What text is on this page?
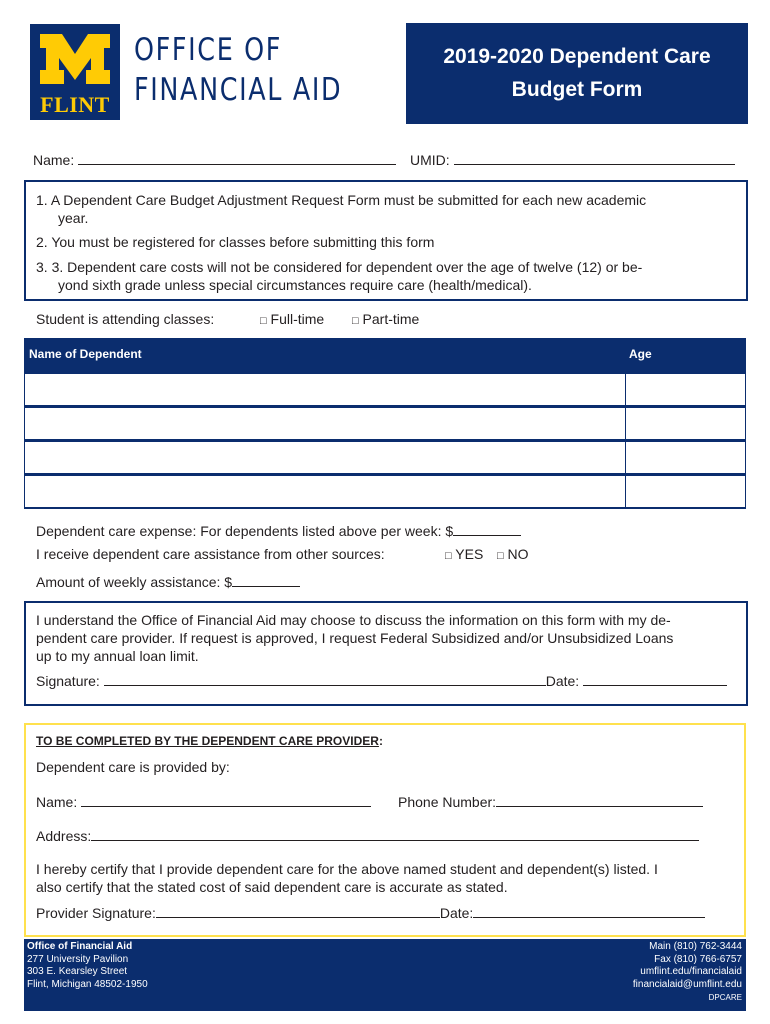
FLINT
OFFICE OF
FINANCIAL AID
2019-2020 Dependent Care
Budget Form
Name:	UMID:
1. A Dependent Care Budget Adjustment Request Form must be submitted for each new academic
year.
2. You must be registered for classes before submitting this form
3. 3. Dependent care costs will not be considered for dependent over the age of twelve (12) or be-
yond sixth grade unless special circumstances require care (health/medical).
Student is attending classes:	□ Full-time	□ Part-time
Name of Dependent	Age
Dependent care expense: For dependents listed above per week: $
I receive dependent care assistance from other sources:	□ YES □ NO
Amount of weekly assistance: $
I understand the Office of Financial Aid may choose to discuss the information on this form with my de-
pendent care provider. If request is approved, I request Federal Subsidized and/or Unsubsidized Loans
up to my annual loan limit.
Signature:	Date:
TO BE COMPLETED BY THE DEPENDENT CARE PROVIDER:
Dependent care is provided by:
Name:	Phone Number:
Address:
I hereby certify that I provide dependent care for the above named student and dependent(s) listed. I
also certify that the stated cost of said dependent care is accurate as stated.
Provider Signature:	Date:
Office of Financial Aid
277 University Pavilion
303 E. Kearsley Street
Flint, Michigan 48502-1950
Main (810) 762-3444
Fax (810) 766-6757
umflint.edu/financialaid
financialaid@umflint.edu
DPCARE
